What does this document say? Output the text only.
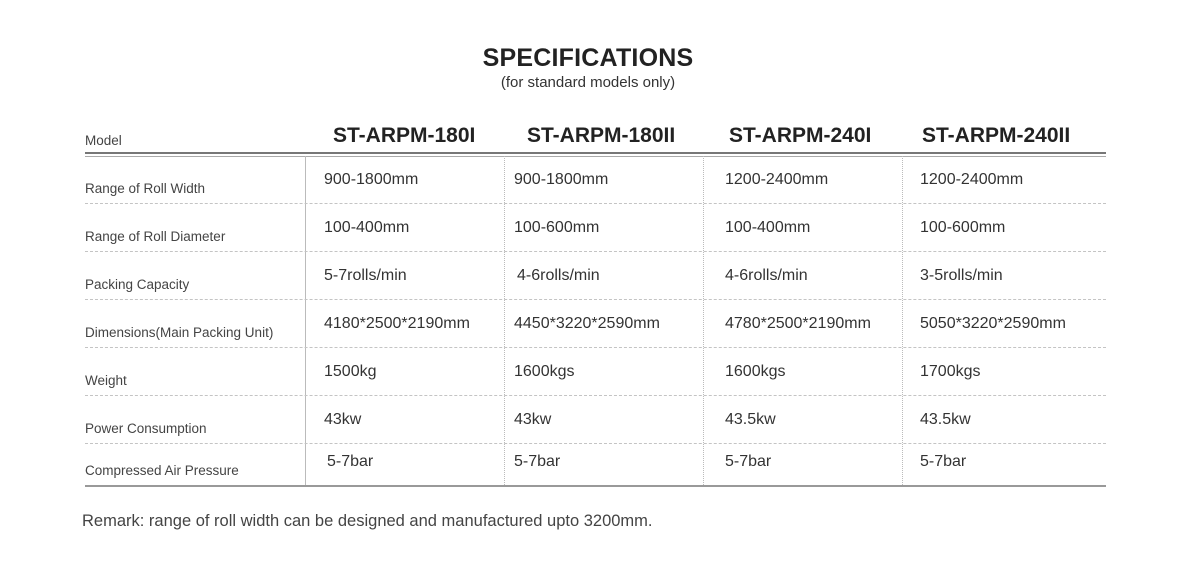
SPECIFICATIONS
(for standard models only)
Model	ST-ARPM-180I ST-ARPM-180II	ST-ARPM-240I ST-ARPM-240II
Range of Roll Width
900-1800mm	900-1800mm	1200-2400mm	1200-2400mm
Range of Roll Diameter
100-400mm	100-600mm	100-400mm	100-600mm
Packing Capacity
5-7rolls/min	4-6rolls/min	4-6rolls/min	3-5rolls/min
Dimensions(Main Packing Unit)
4180*2500*2190mm	4450*3220*2590mm	4780*2500*2190mm	5050*3220*2590mm
Weight
1500kg	1600kgs	1600kgs	1700kgs
Power Consumption
43kw	43kw	43.5kw	43.5kw
Compressed Air Pressure
5-7bar	5-7bar	5-7bar	5-7bar
Remark: range of roll width can be designed and manufactured upto 3200mm.
